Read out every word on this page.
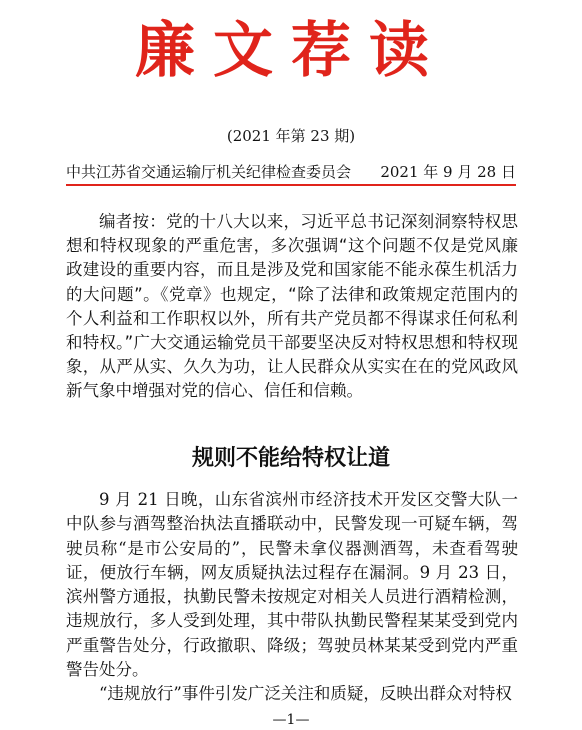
廉文荐读
(2021 年第 23 期)
中共江苏省交通运输厅机关纪律检查委员会 2021 年 9 月 28 日

编者按：党的十八大以来，习近平总书记深刻洞察特权思想和特权现象的严重危害，多次强调“这个问题不仅是党风廉政建设的重要内容，而且是涉及党和国家能不能永葆生机活力的大问题”。《党章》也规定，“除了法律和政策规定范围内的个人利益和工作职权以外，所有共产党员都不得谋求任何私利和特权。”广大交通运输党员干部要坚决反对特权思想和特权现象，从严从实、久久为功，让人民群众从实实在在的党风政风新气象中增强对党的信心、信任和信赖。

规则不能给特权让道

9 月 21 日晚，山东省滨州市经济技术开发区交警大队一中队参与酒驾整治执法直播联动中，民警发现一可疑车辆，驾驶员称“是市公安局的”，民警未拿仪器测酒驾，未查看驾驶证，便放行车辆，网友质疑执法过程存在漏洞。9 月 23 日，滨州警方通报，执勤民警未按规定对相关人员进行酒精检测，违规放行，多人受到处理，其中带队执勤民警程某某受到党内严重警告处分，行政撤职、降级；驾驶员林某某受到党内严重警告处分。

“违规放行”事件引发广泛关注和质疑，反映出群众对特权

—1—
